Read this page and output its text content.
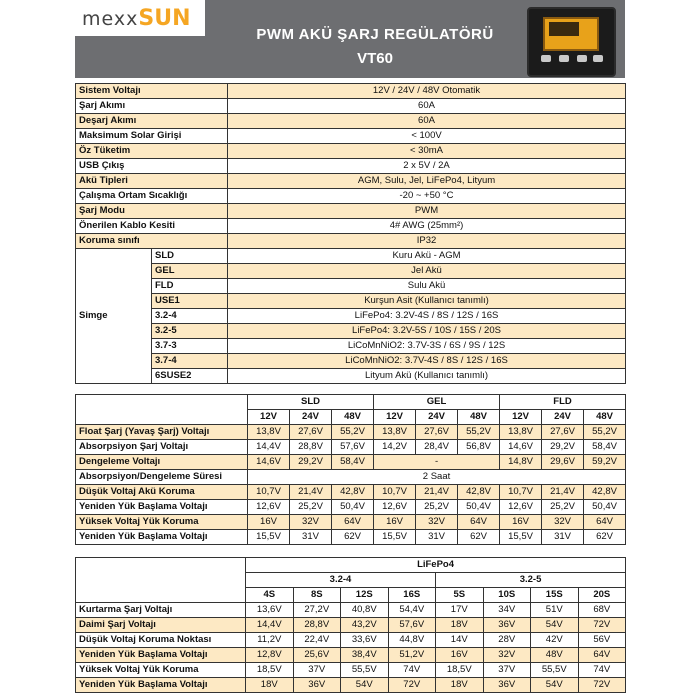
mexxSUN
PWM AKÜ ŞARJ REGÜLATÖRÜ
VT60
Sistem Voltajı		12V / 24V / 48V Otomatik
Şarj Akımı		60A
Deşarj Akımı		60A
Maksimum Solar Girişi		< 100V
Öz Tüketim		< 30mA
USB Çıkış		2 x 5V / 2A
Akü Tipleri		AGM, Sulu, Jel, LiFePo4, Lityum
Çalışma Ortam Sıcaklığı		-20 ~ +50 °C
Şarj Modu		PWM
Önerilen Kablo Kesiti		4# AWG (25mm²)
Koruma sınıfı		IP32
Simge	SLD	Kuru Akü - AGM
	GEL	Jel Akü
	FLD	Sulu Akü
	USE1	Kurşun Asit (Kullanıcı tanımlı)
	3.2-4	LiFePo4: 3.2V-4S / 8S / 12S / 16S
	3.2-5	LiFePo4: 3.2V-5S / 10S / 15S / 20S
	3.7-3	LiCoMnNiO2: 3.7V-3S / 6S / 9S / 12S
	3.7-4	LiCoMnNiO2: 3.7V-4S / 8S / 12S / 16S
	6SUSE2	Lityum Akü (Kullanıcı tanımlı)
	SLD			GEL			FLD		
	12V	24V	48V	12V	24V	48V	12V	24V	48V
Float Şarj (Yavaş Şarj) Voltajı	13,8V	27,6V	55,2V	13,8V	27,6V	55,2V	13,8V	27,6V	55,2V
Absorpsiyon Şarj Voltajı	14,4V	28,8V	57,6V	14,2V	28,4V	56,8V	14,6V	29,2V	58,4V
Dengeleme Voltajı	14,6V	29,2V	58,4V	-			14,8V	29,6V	59,2V
Absorpsiyon/Dengeleme Süresi	2 Saat								
Düşük Voltaj Akü Koruma	10,7V	21,4V	42,8V	10,7V	21,4V	42,8V	10,7V	21,4V	42,8V
Yeniden Yük Başlama Voltajı	12,6V	25,2V	50,4V	12,6V	25,2V	50,4V	12,6V	25,2V	50,4V
Yüksek Voltaj Yük Koruma	16V	32V	64V	16V	32V	64V	16V	32V	64V
Yeniden Yük Başlama Voltajı	15,5V	31V	62V	15,5V	31V	62V	15,5V	31V	62V
	LiFePo4							
	3.2-4				3.2-5			
	4S	8S	12S	16S	5S	10S	15S	20S
Kurtarma Şarj Voltajı	13,6V	27,2V	40,8V	54,4V	17V	34V	51V	68V
Daimi Şarj Voltajı	14,4V	28,8V	43,2V	57,6V	18V	36V	54V	72V
Düşük Voltaj Koruma Noktası	11,2V	22,4V	33,6V	44,8V	14V	28V	42V	56V
Yeniden Yük Başlama Voltajı	12,8V	25,6V	38,4V	51,2V	16V	32V	48V	64V
Yüksek Voltaj Yük Koruma	18,5V	37V	55,5V	74V	18,5V	37V	55,5V	74V
Yeniden Yük Başlama Voltajı	18V	36V	54V	72V	18V	36V	54V	72V
